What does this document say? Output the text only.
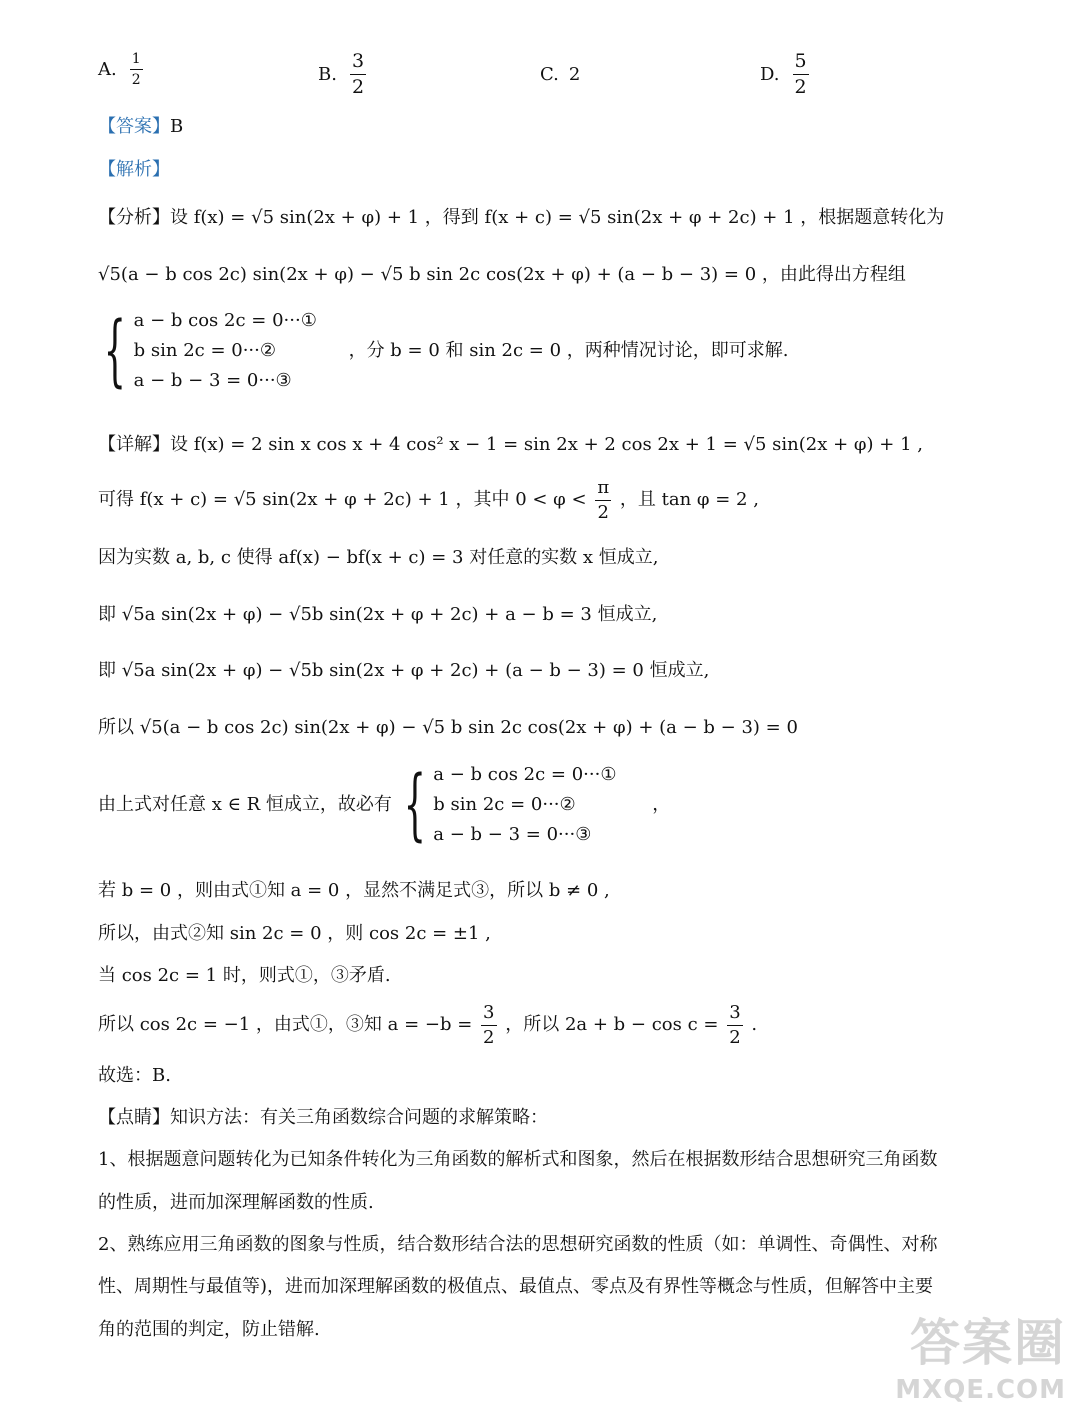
A. $\frac{1}{2}$	B. $\frac{3}{2}$	C. 2	D. $\frac{5}{2}$
【答案】B
【解析】
【分析】设 f(x) = √5 sin(2x + φ) + 1 ，得到 f(x + c) = √5 sin(2x + φ + 2c) + 1 ，根据题意转化为
√5(a − b cos 2c) sin(2x + φ) − √5 b sin 2c cos(2x + φ) + (a − b − 3) = 0 ，由此得出方程组
{ a − b cos 2c = 0···①
b sin 2c = 0···②
a − b − 3 = 0···③
，分 b = 0 和 sin 2c = 0 ，两种情况讨论，即可求解.
【详解】设 f(x) = 2 sin x cos x + 4 cos² x − 1 = sin 2x + 2 cos 2x + 1 = √5 sin(2x + φ) + 1 ,
可得 f(x + c) = √5 sin(2x + φ + 2c) + 1 ，其中 $0 < \varphi < \frac{\pi}{2}$ ，且 tan φ = 2 ,
因为实数 a, b, c 使得 af(x) − bf(x + c) = 3 对任意的实数 x 恒成立,
即 √5a sin(2x + φ) − √5b sin(2x + φ + 2c) + a − b = 3 恒成立,
即 √5a sin(2x + φ) − √5b sin(2x + φ + 2c) + (a − b − 3) = 0 恒成立,
所以 √5(a − b cos 2c) sin(2x + φ) − √5 b sin 2c cos(2x + φ) + (a − b − 3) = 0
由上式对任意 x ∈ R 恒成立，故必有 { a − b cos 2c = 0···①
b sin 2c = 0···②
a − b − 3 = 0···③
，
若 b = 0 ，则由式①知 a = 0 ，显然不满足式③，所以 b ≠ 0 ,
所以，由式②知 sin 2c = 0 ，则 cos 2c = ±1 ,
当 cos 2c = 1 时，则式①，③矛盾.
所以 cos 2c = −1 ，由式①，③知 $a = -b = \frac{3}{2}$ ，所以 $2a + b - \cos c = \frac{3}{2}$ .
故选：B.
【点睛】知识方法：有关三角函数综合问题的求解策略：
1、根据题意问题转化为已知条件转化为三角函数的解析式和图象，然后在根据数形结合思想研究三角函数
的性质，进而加深理解函数的性质.
2、熟练应用三角函数的图象与性质，结合数形结合法的思想研究函数的性质（如：单调性、奇偶性、对称
性、周期性与最值等)，进而加深理解函数的极值点、最值点、零点及有界性等概念与性质，但解答中主要
角的范围的判定，防止错解.	答案圈
MXQE.COM
